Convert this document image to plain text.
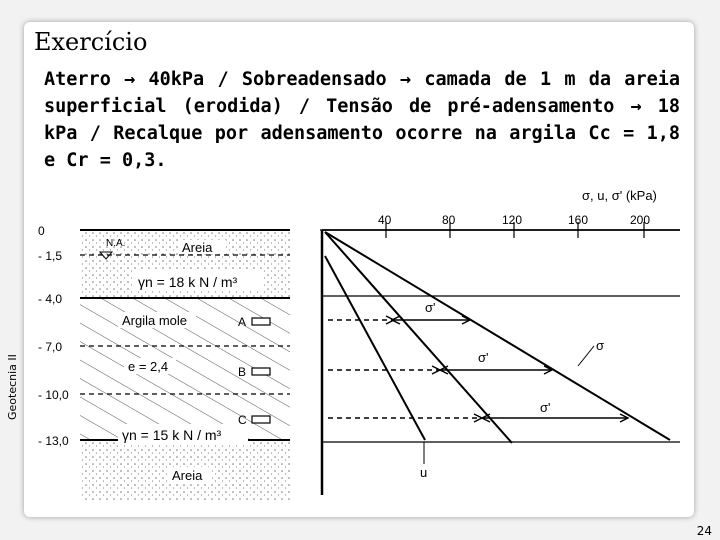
Exercício
Geotecnia II
Aterro → 40kPa / Sobreadensado → camada de 1 m da areia superficial (erodida) / Tensão de pré-adensamento → 18 kPa / Recalque por adensamento ocorre na argila Cc = 1,8 e Cr = 0,3.
0
- 1,5
- 4,0
- 7,0
- 10,0
- 13,0
N.A.	Areia
γn = 18 k N / m³
Argila mole
e = 2,4
γn = 15 k N / m³
Areia
A
B
C
40	80	120	160	200
σ, u, σ' (kPa)
σ'
σ'
σ'
σ
u
24
